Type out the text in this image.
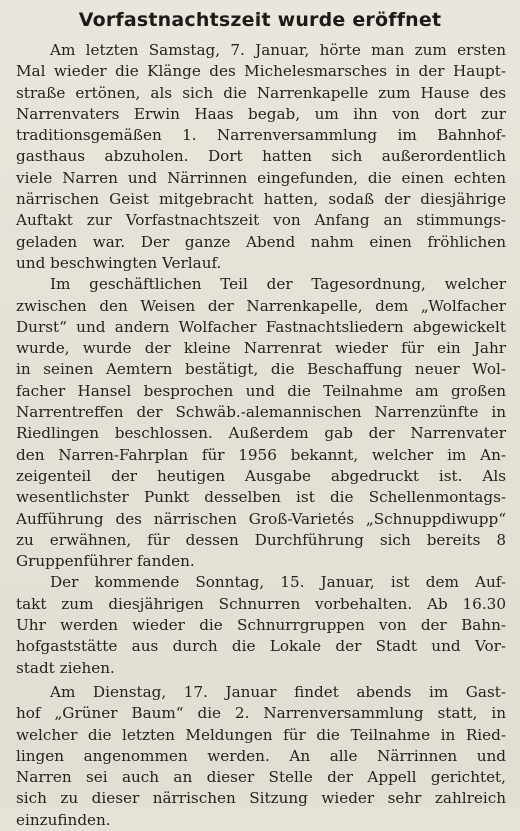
Vorfastnachtszeit wurde eröffnet
Am letzten Samstag, 7. Januar, hörte man zum ersten
Mal wieder die Klänge des Michelesmarsches in der Haupt-
straße ertönen, als sich die Narrenkapelle zum Hause des
Narrenvaters Erwin Haas begab, um ihn von dort zur
traditionsgemäßen 1. Narrenversammlung im Bahnhof-
gasthaus abzuholen. Dort hatten sich außerordentlich
viele Narren und Närrinnen eingefunden, die einen echten
närrischen Geist mitgebracht hatten, sodaß der diesjährige
Auftakt zur Vorfastnachtszeit von Anfang an stimmungs-
geladen war. Der ganze Abend nahm einen fröhlichen
und beschwingten Verlauf.
Im geschäftlichen Teil der Tagesordnung, welcher
zwischen den Weisen der Narrenkapelle, dem „Wolfacher
Durst“ und andern Wolfacher Fastnachtsliedern abgewickelt
wurde, wurde der kleine Narrenrat wieder für ein Jahr
in seinen Aemtern bestätigt, die Beschaffung neuer Wol-
facher Hansel besprochen und die Teilnahme am großen
Narrentreffen der Schwäb.-alemannischen Narrenzünfte in
Riedlingen beschlossen. Außerdem gab der Narrenvater
den Narren-Fahrplan für 1956 bekannt, welcher im An-
zeigenteil der heutigen Ausgabe abgedruckt ist. Als
wesentlichster Punkt desselben ist die Schellenmontags-
Aufführung des närrischen Groß-Varietés „Schnuppdiwupp“
zu erwähnen, für dessen Durchführung sich bereits 8
Gruppenführer fanden.
Der kommende Sonntag, 15. Januar, ist dem Auf-
takt zum diesjährigen Schnurren vorbehalten. Ab 16.30
Uhr werden wieder die Schnurrgruppen von der Bahn-
hofgaststätte aus durch die Lokale der Stadt und Vor-
stadt ziehen.
Am Dienstag, 17. Januar findet abends im Gast-
hof „Grüner Baum“ die 2. Narrenversammlung statt, in
welcher die letzten Meldungen für die Teilnahme in Ried-
lingen angenommen werden. An alle Närrinnen und
Narren sei auch an dieser Stelle der Appell gerichtet,
sich zu dieser närrischen Sitzung wieder sehr zahlreich
einzufinden.
